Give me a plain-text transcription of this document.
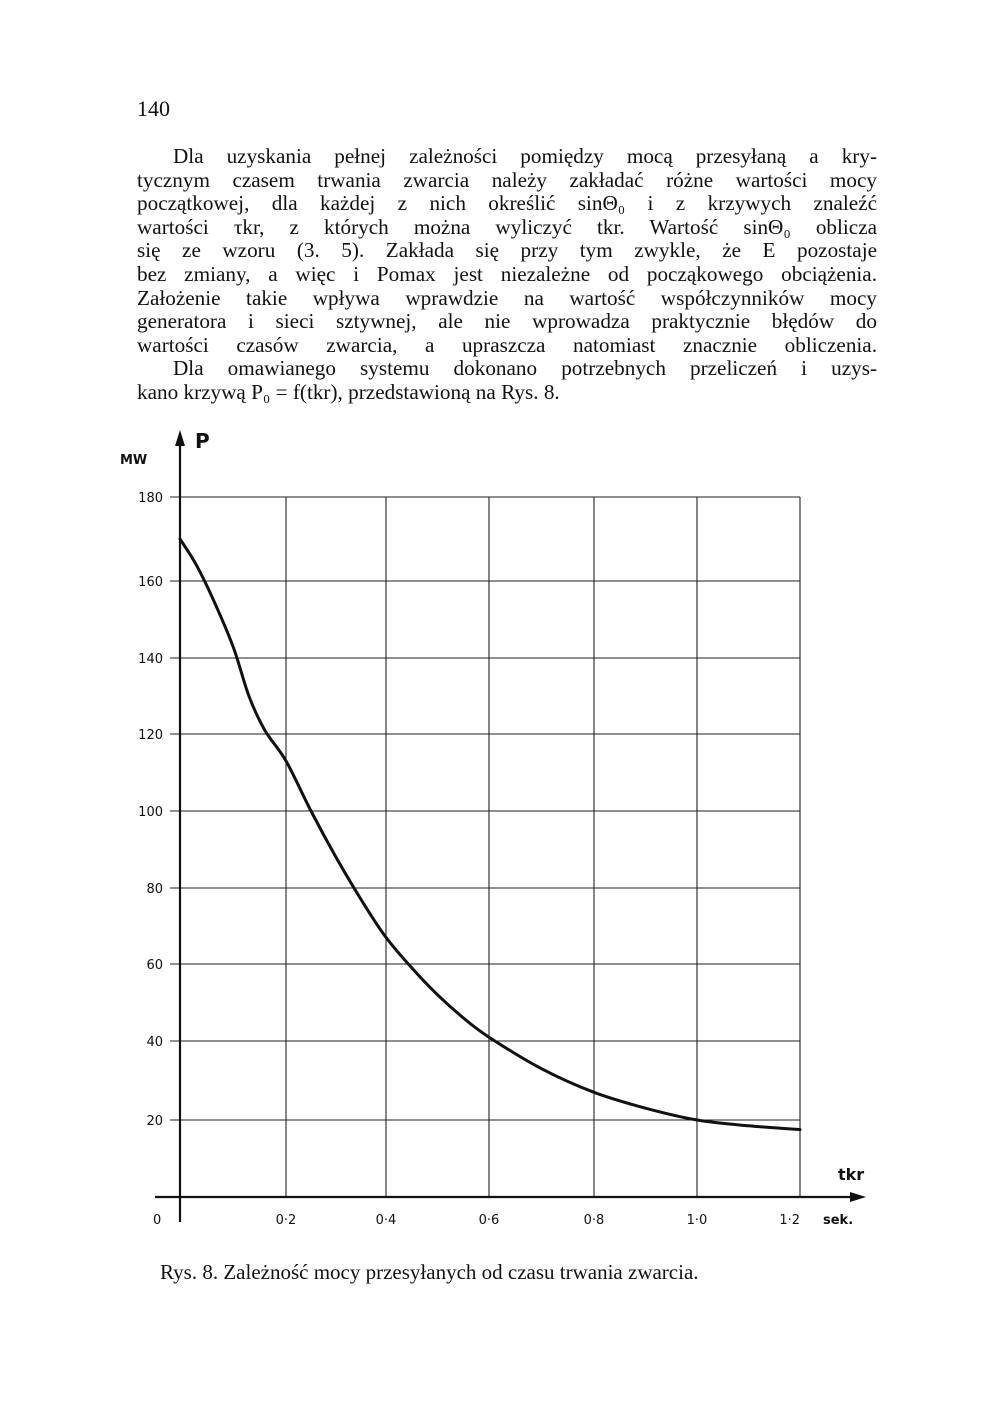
140
Dla uzyskania pełnej zależności pomiędzy mocą przesyłaną a kry-
tycznym czasem trwania zwarcia należy zakładać różne wartości mocy
początkowej, dla każdej z nich określić sinΘ₀ i z krzywych znaleźć
wartości τkr, z których można wyliczyć tkr. Wartość sinΘ₀ oblicza
się ze wzoru (3. 5). Zakłada się przy tym zwykle, że E pozostaje
bez zmiany, a więc i Pomax jest niezależne od począkowego obciążenia.
Założenie takie wpływa wprawdzie na wartość współczynników mocy
generatora i sieci sztywnej, ale nie wprowadza praktycznie błędów do
wartości czasów zwarcia, a upraszcza natomiast znacznie obliczenia.
Dla omawianego systemu dokonano potrzebnych przeliczeń i uzys-
kano krzywą P₀ = f(tkr), przedstawioną na Rys. 8.
MW
P
tkr
sek.
0
20
40
60
80
100
120
140
160
180
0·2	0·4	0·6	0·8	1·0	1·2
Rys. 8. Zależność mocy przesyłanych od czasu trwania zwarcia.
